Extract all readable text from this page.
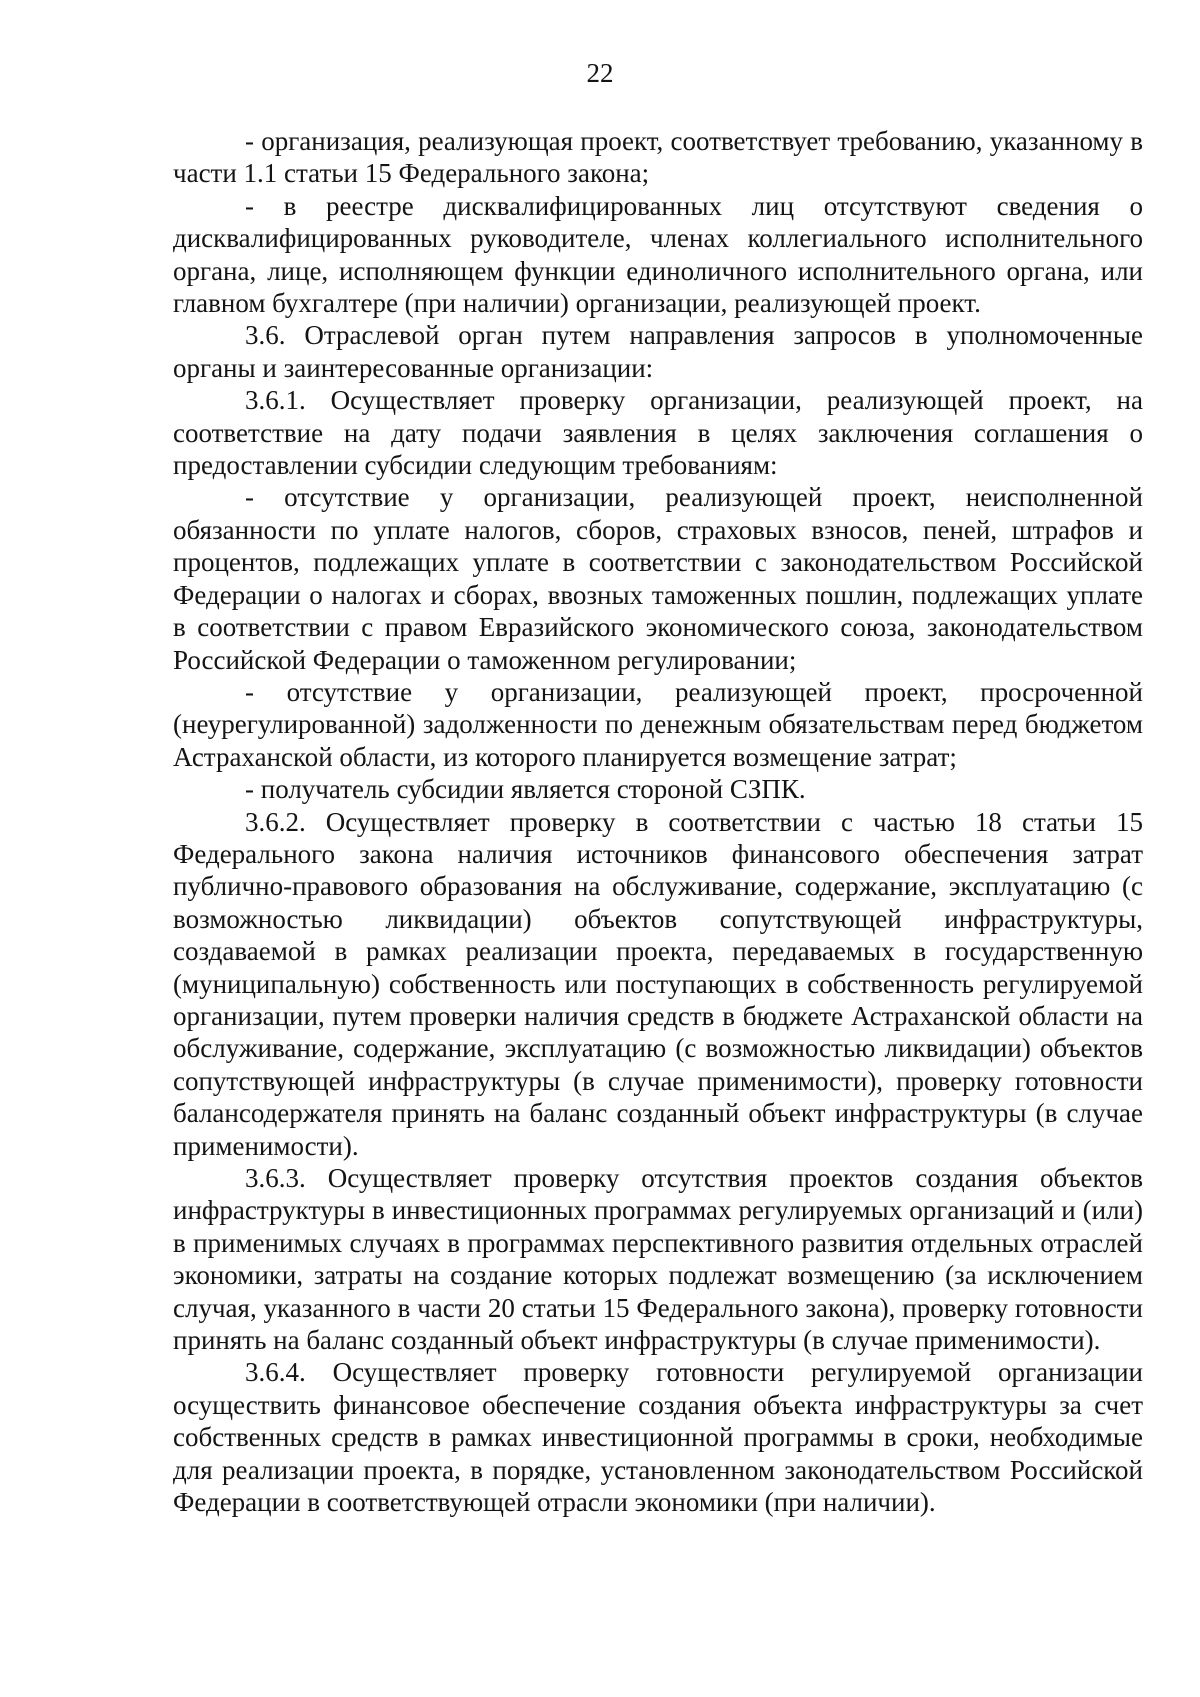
22

- организация, реализующая проект, соответствует требованию, указанному в части 1.1 статьи 15 Федерального закона;

- в реестре дисквалифицированных лиц отсутствуют сведения о дисквалифицированных руководителе, членах коллегиального исполнительного органа, лице, исполняющем функции единоличного исполнительного органа, или главном бухгалтере (при наличии) организации, реализующей проект.

3.6. Отраслевой орган путем направления запросов в уполномоченные органы и заинтересованные организации:

3.6.1. Осуществляет проверку организации, реализующей проект, на соответствие на дату подачи заявления в целях заключения соглашения о предоставлении субсидии следующим требованиям:

- отсутствие у организации, реализующей проект, неисполненной обязанности по уплате налогов, сборов, страховых взносов, пеней, штрафов и процентов, подлежащих уплате в соответствии с законодательством Российской Федерации о налогах и сборах, ввозных таможенных пошлин, подлежащих уплате в соответствии с правом Евразийского экономического союза, законодательством Российской Федерации о таможенном регулировании;

- отсутствие у организации, реализующей проект, просроченной (неурегулированной) задолженности по денежным обязательствам перед бюджетом Астраханской области, из которого планируется возмещение затрат;

- получатель субсидии является стороной СЗПК.

3.6.2. Осуществляет проверку в соответствии с частью 18 статьи 15 Федерального закона наличия источников финансового обеспечения затрат публично-правового образования на обслуживание, содержание, эксплуатацию (с возможностью ликвидации) объектов сопутствующей инфраструктуры, создаваемой в рамках реализации проекта, передаваемых в государственную (муниципальную) собственность или поступающих в собственность регулируемой организации, путем проверки наличия средств в бюджете Астраханской области на обслуживание, содержание, эксплуатацию (с возможностью ликвидации) объектов сопутствующей инфраструктуры (в случае применимости), проверку готовности балансодержателя принять на баланс созданный объект инфраструктуры (в случае применимости).

3.6.3. Осуществляет проверку отсутствия проектов создания объектов инфраструктуры в инвестиционных программах регулируемых организаций и (или) в применимых случаях в программах перспективного развития отдельных отраслей экономики, затраты на создание которых подлежат возмещению (за исключением случая, указанного в части 20 статьи 15 Федерального закона), проверку готовности принять на баланс созданный объект инфраструктуры (в случае применимости).

3.6.4. Осуществляет проверку готовности регулируемой организации осуществить финансовое обеспечение создания объекта инфраструктуры за счет собственных средств в рамках инвестиционной программы в сроки, необходимые для реализации проекта, в порядке, установленном законодательством Российской Федерации в соответствующей отрасли экономики (при наличии).
